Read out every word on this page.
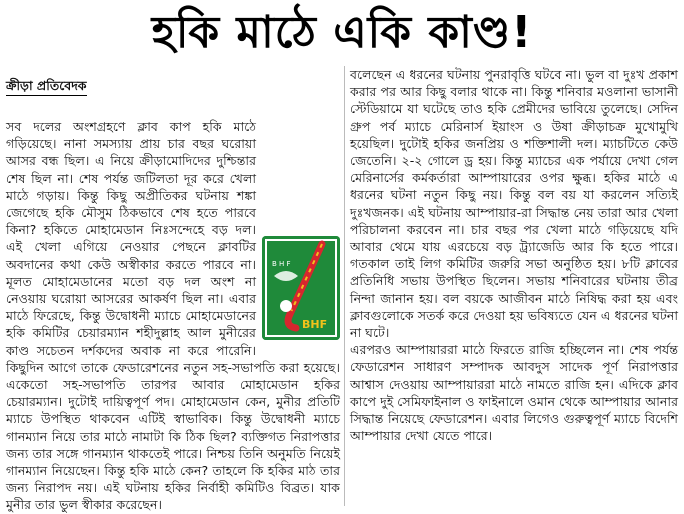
হকি মাঠে একি কাণ্ড!
ক্রীড়া প্রতিবেদক
B H F
BHF

সব দলের অংশগ্রহণে ক্লাব কাপ হকি মাঠে গড়িয়েছে। নানা সমস্যায় প্রায় চার বছর ঘরোয়া আসর বন্ধ ছিল। এ নিয়ে ক্রীড়ামোদিদের দুশ্চিন্তার শেষ ছিল না। শেষ পর্যন্ত জটিলতা দূর করে খেলা মাঠে গড়ায়। কিন্তু কিছু অপ্রীতিকর ঘটনায় শঙ্কা জেগেছে হকি মৌসুম ঠিকভাবে শেষ হতে পারবে কিনা? হকিতে মোহামেডান নিঃসন্দেহে বড় দল। এই খেলা এগিয়ে নেওয়ার পেছনে ক্লাবটির অবদানের কথা কেউ অস্বীকার করতে পারবে না। মূলত মোহামেডানের মতো বড় দল অংশ না নেওয়ায় ঘরোয়া আসরের আকর্ষণ ছিল না। এবার মাঠে ফিরেছে, কিন্তু উদ্বোধনী ম্যাচে মোহামেডানের হকি কমিটির চেয়ারম্যান শহীদুল্লাহ আল মুনীরের কাণ্ড সচেতন দর্শকদের অবাক না করে পারেনি। কিছুদিন আগে তাকে ফেডারেশনের নতুন সহ-সভাপতি করা হয়েছে। একেতো সহ-সভাপতি তারপর আবার মোহামেডান হকির চেয়ারম্যান। দুটোই দায়িত্বপূর্ণ পদ। মোহামেডান কেন, মুনীর প্রতিটি ম্যাচে উপস্থিত থাকবেন এটিই স্বাভাবিক। কিন্তু উদ্বোধনী ম্যাচে গানম্যান নিয়ে তার মাঠে নামাটা কি ঠিক ছিল? ব্যক্তিগত নিরাপত্তার জন্য তার সঙ্গে গানম্যান থাকতেই পারে। নিশ্চয় তিনি অনুমতি নিয়েই গানম্যান নিয়েছেন। কিন্তু হকি মাঠে কেন? তাহলে কি হকির মাঠ তার জন্য নিরাপদ নয়। এই ঘটনায় হকির নির্বাহী কমিটিও বিব্রত। যাক মুনীর তার ভুল স্বীকার করেছেন।

বলেছেন এ ধরনের ঘটনায় পুনরাবৃত্তি ঘটবে না। ভুল বা দুঃখ প্রকাশ করার পর আর কিছু বলার থাকে না। কিন্তু শনিবার মওলানা ভাসানী স্টেডিয়ামে যা ঘটেছে তাও হকি প্রেমীদের ভাবিয়ে তুলেছে। সেদিন গ্রুপ পর্ব ম্যাচে মেরিনার্স ইয়াংস ও উষা ক্রীড়াচক্র মুখোমুখি হয়েছিল। দুটোই হকির জনপ্রিয় ও শক্তিশালী দল। ম্যাচটিতে কেউ জেতেনি। ২-২ গোলে ড্র হয়। কিন্তু ম্যাচের এক পর্যায়ে দেখা গেল মেরিনার্সের কর্মকর্তারা আম্পায়ারের ওপর ক্ষুব্ধ। হকির মাঠে এ ধরনের ঘটনা নতুন কিছু নয়। কিন্তু বল বয় যা করলেন সত্যিই দুঃখজনক। এই ঘটনায় আম্পায়ার-রা সিদ্ধান্ত নেয় তারা আর খেলা পরিচালনা করবেন না। চার বছর পর খেলা মাঠে গড়িয়েছে যদি আবার থেমে যায় এরচেয়ে বড় ট্র্যাজেডি আর কি হতে পারে। গতকাল তাই লিগ কমিটির জরুরি সভা অনুষ্ঠিত হয়। ৮টি ক্লাবের প্রতিনিধি সভায় উপস্থিত ছিলেন। সভায় শনিবারের ঘটনায় তীব্র নিন্দা জানান হয়। বল বয়কে আজীবন মাঠে নিষিদ্ধ করা হয় এবং ক্লাবগুলোকে সতর্ক করে দেওয়া হয় ভবিষ্যতে যেন এ ধরনের ঘটনা না ঘটে।

এরপরও আম্পায়াররা মাঠে ফিরতে রাজি হচ্ছিলেন না। শেষ পর্যন্ত ফেডারেশন সাধারণ সম্পাদক আবদুস সাদেক পূর্ণ নিরাপত্তার আশ্বাস দেওয়ায় আম্পায়াররা মাঠে নামতে রাজি হন। এদিকে ক্লাব কাপে দুই সেমিফাইনাল ও ফাইনালে ওমান থেকে আম্পায়ার আনার সিদ্ধান্ত নিয়েছে ফেডারেশন। এবার লিগেও গুরুত্বপূর্ণ ম্যাচে বিদেশি আম্পায়ার দেখা যেতে পারে।
